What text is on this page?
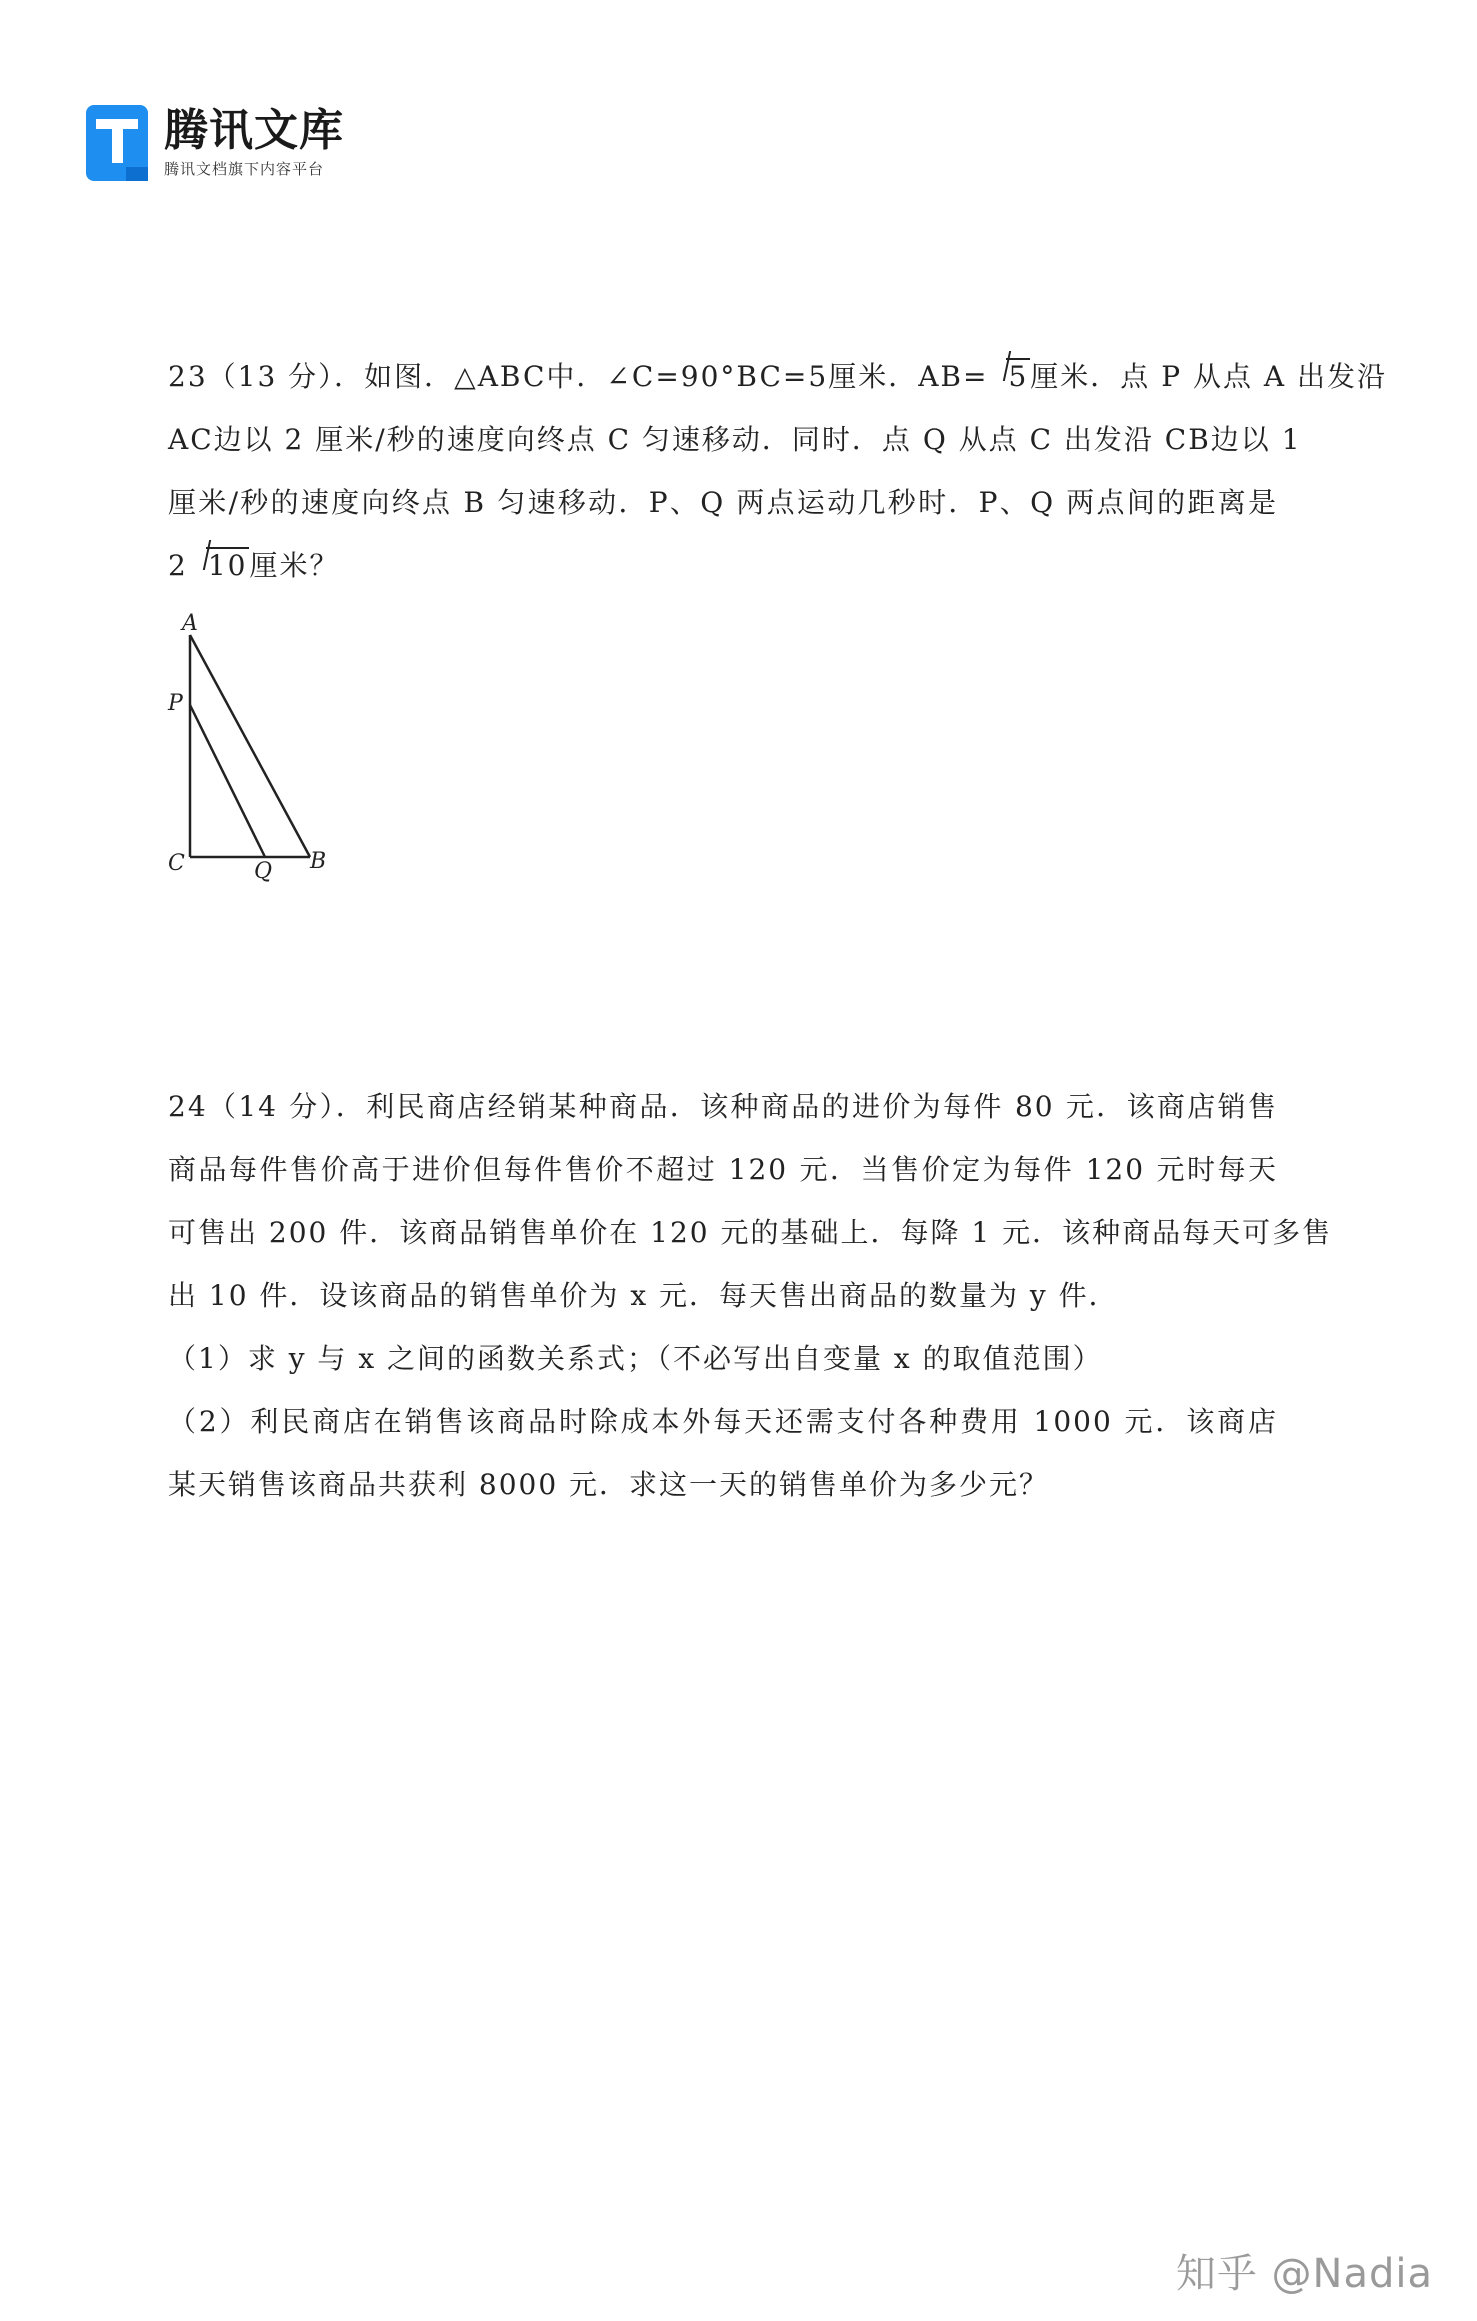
腾讯文库
腾讯文档旗下内容平台
23（13 分）．如图．△ABC中．∠C=90°BC=5厘米．AB= 5厘米．点 P 从点 A 出发沿
AC边以 2 厘米/秒的速度向终点 C 匀速移动．同时．点 Q 从点 C 出发沿 CB边以 1
厘米/秒的速度向终点 B 匀速移动．P、Q 两点运动几秒时．P、Q 两点间的距离是
2 10厘米？
A
P
C	Q B
24（14 分）．利民商店经销某种商品．该种商品的进价为每件 80 元．该商店销售
商品每件售价高于进价但每件售价不超过 120 元．当售价定为每件 120 元时每天
可售出 200 件．该商品销售单价在 120 元的基础上．每降 1 元．该种商品每天可多售
出 10 件．设该商品的销售单价为 x 元．每天售出商品的数量为 y 件．
（1）求 y 与 x 之间的函数关系式；（不必写出自变量 x 的取值范围）
（2）利民商店在销售该商品时除成本外每天还需支付各种费用 1000 元．该商店
某天销售该商品共获利 8000 元．求这一天的销售单价为多少元？
知乎 @Nadia
